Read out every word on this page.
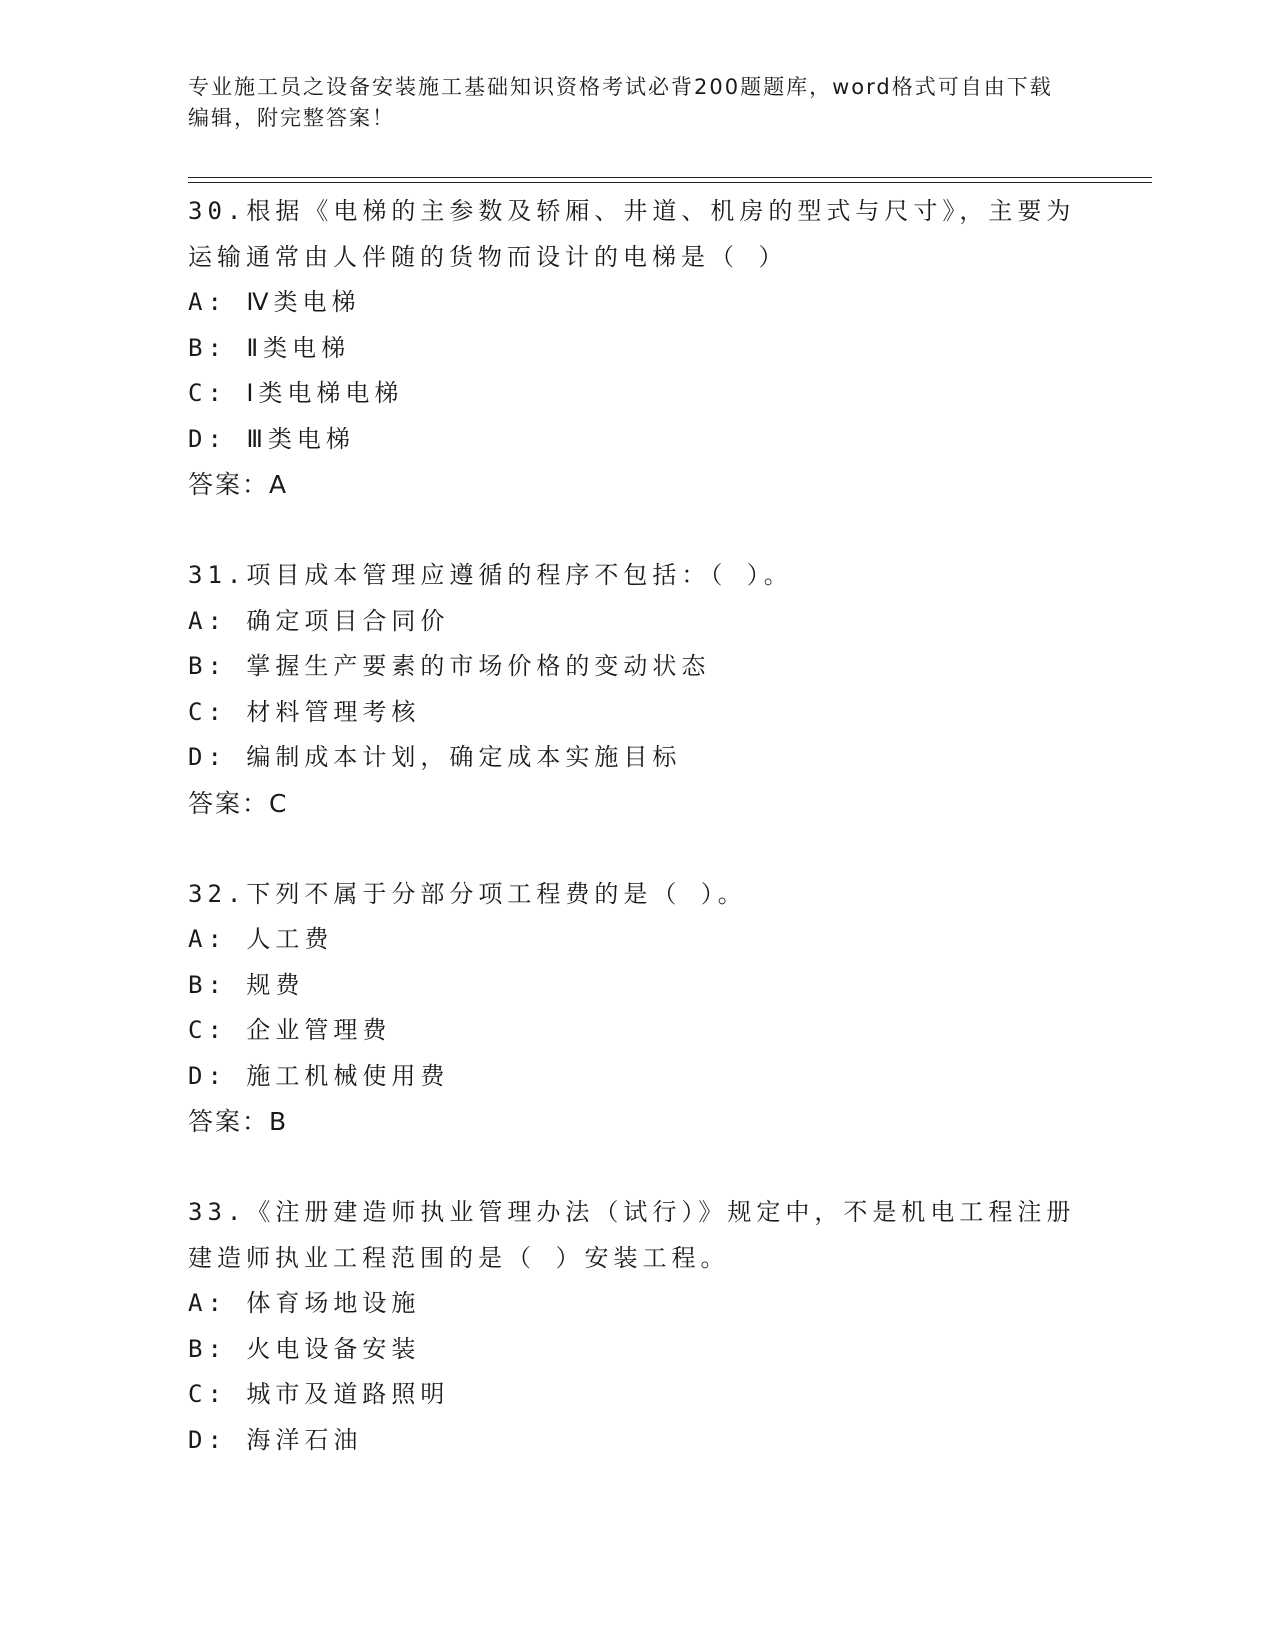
专业施工员之设备安装施工基础知识资格考试必背200题题库，word格式可自由下载编辑，附完整答案！
30.根据《电梯的主参数及轿厢、井道、机房的型式与尺寸》，主要为运输通常由人伴随的货物而设计的电梯是（ ）
A: Ⅳ类电梯
B: Ⅱ类电梯
C: Ⅰ类电梯电梯
D: Ⅲ类电梯
答案：A
31.项目成本管理应遵循的程序不包括：（ ）。
A: 确定项目合同价
B: 掌握生产要素的市场价格的变动状态
C: 材料管理考核
D: 编制成本计划，确定成本实施目标
答案：C
32.下列不属于分部分项工程费的是（ ）。
A: 人工费
B: 规费
C: 企业管理费
D: 施工机械使用费
答案：B
33.《注册建造师执业管理办法（试行）》规定中，不是机电工程注册建造师执业工程范围的是（ ）安装工程。
A: 体育场地设施
B: 火电设备安装
C: 城市及道路照明
D: 海洋石油
